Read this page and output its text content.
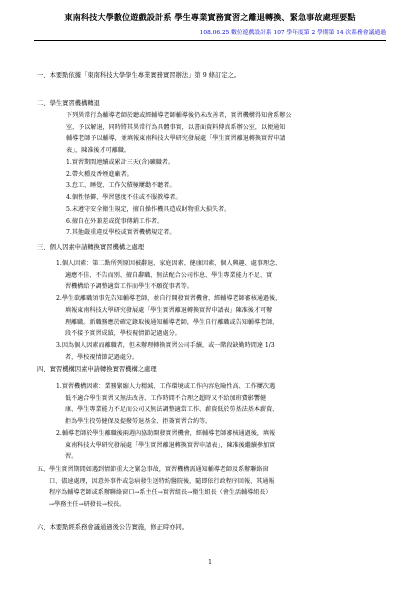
東南科技大學數位遊戲設計系 學生專業實務實習之離退轉換、緊急事故處理要點
108.06.25 數位遊戲設計系 107 學年度第 2 學期第 14 次系務會議通過
一、本要點依據「東南科技大學學生專業實務實習辦法」第 9 條訂定之。
二、學生實習機構轉退
下列異常行為輔導老師於聽或經輔導老師輔導後仍未改善者，實習機構得知會系辦公
室，予以解退，同時將其異常行為具體事實，以書面資料傳真系辦公室，以便通知
輔導老師予以輔導，並填報東南科技大學研究發展處「學生實習離退轉換實習申請
表」，陳准後才可離職。
1.實習期間連續或累計三天(含)曠職者。
2.帶火種及香煙進廠者。
3.怠工、睡覺、工作欠積極屢勸不聽者。
4.個性怪僻、學習態度不佳或不服教導者。
5.未遵守安全衛生規定，擅自操作機具造成財物重大損失者。
6.擅自在外兼差或從事傳銷工作者。
7.其他嚴重違反學校或實習機構規定者。
三、個人因素申請轉換實習機構之處理
1.個人因素：第二點所列原因被辭退、家庭因素、健康因素、個人興趣、處事理念、
適應不佳、不告而別、擅自辭職、無法配合公司作息、學生專業能力不足、實
習機構給予調整適當工作而學生不願從事者等。
2.學生欲離職須事先告知輔導老師，並自行開發實習機會，經輔導老師審核通過後，
填報東南科技大學研究發展處「學生實習離退轉換實習申請表」陳准後才可辦
理離職。新職務應於確定錄取後通知輔導老師，學生自行離職或告知輔導老師，
段不接予實習成績，學校視情節記過處分。
3.因為個人因素而離職者，但未辦理轉換實習公司手續，或一階段缺勤時間達 1/3
者，學校視情節記過處分。
四、實習機構因素申請轉換實習機構之處理
1.實習機構因素：業務緊縮人力精減、工作環境或工作內容危險性高、工作屢次遇
低不適合學生實習又無法改善、工作時間不合理之超時又不給加班費影響健
康、學生專業能力不足而公司又無法調整適當工作、薪資低於勞基法基本薪資、
拒為學生投勞健保及提撥勞退基金、拒簽實習合約等。
2.輔導老師於學生離職後兩週內協助開發實習機會，經輔導老師審核通過後，填報
東南科技大學研究發展處「學生實習離退轉換實習申請表」，陳准後繼續參加實
習。
五、學生實習期間如遇到情節重大之緊急事故，實習機構需通知輔導老師及系辦聯絡窗
口、儘速處理，因意外事件或急病發生送特約醫院後，隨即依行政程序回報、其通報
程序為輔導老師或系辦聯絡窗口→系主任→實習組長→衛生組長（會生活輔導組長）
→學務主任→研發長→校長。
六、本要點經系務會議通過後公告實施，修正時亦同。
1
